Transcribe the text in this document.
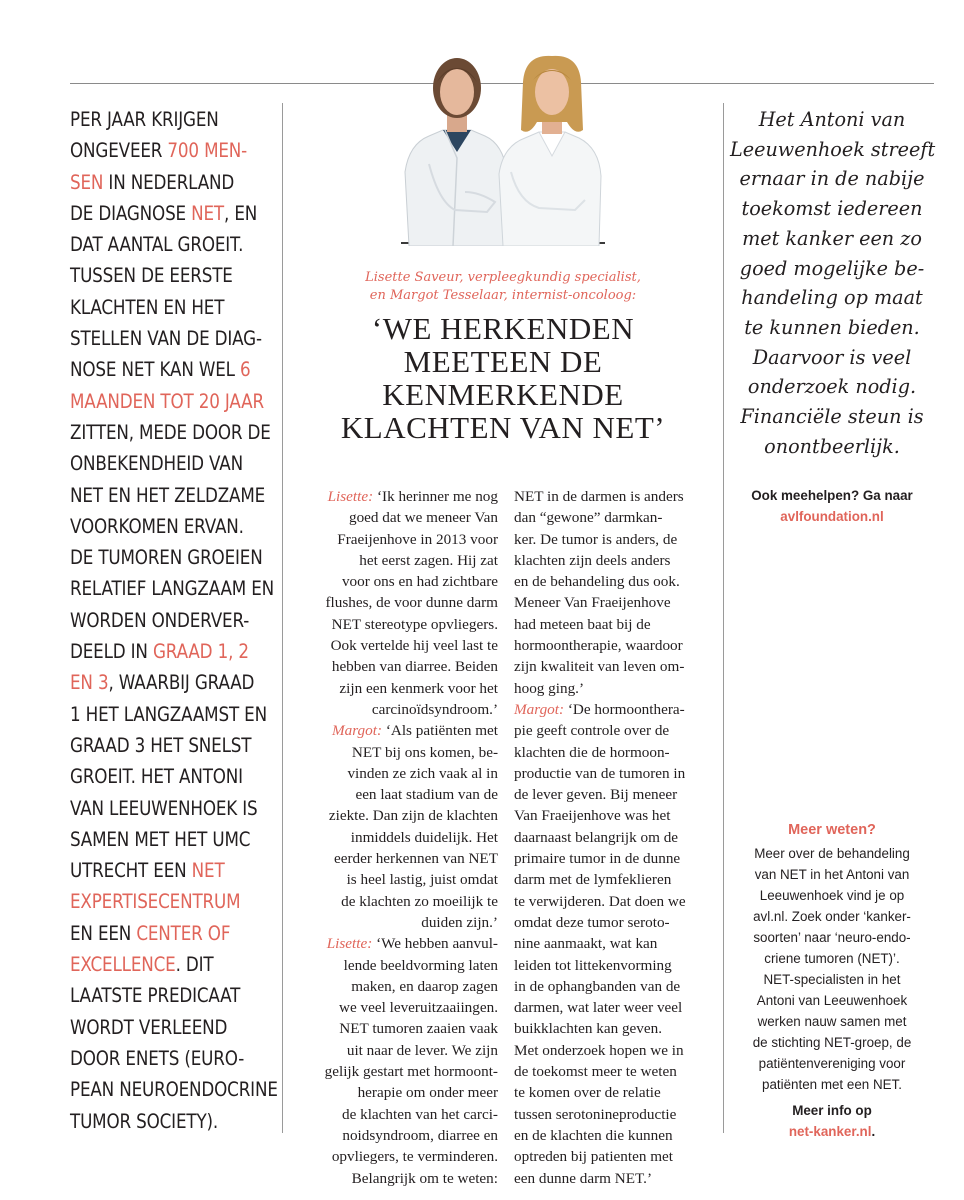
PER JAAR KRIJGEN
ONGEVEER 700 MEN-
SEN IN NEDERLAND
DE DIAGNOSE NET, EN
DAT AANTAL GROEIT.
TUSSEN DE EERSTE
KLACHTEN EN HET
STELLEN VAN DE DIAG-
NOSE NET KAN WEL 6
MAANDEN TOT 20 JAAR
ZITTEN, MEDE DOOR DE
ONBEKENDHEID VAN
NET EN HET ZELDZAME
VOORKOMEN ERVAN.
DE TUMOREN GROEIEN
RELATIEF LANGZAAM EN
WORDEN ONDERVER-
DEELD IN GRAAD 1, 2
EN 3, WAARBIJ GRAAD
1 HET LANGZAAMST EN
GRAAD 3 HET SNELST
GROEIT. HET ANTONI
VAN LEEUWENHOEK IS
SAMEN MET HET UMC
UTRECHT EEN NET
EXPERTISECENTRUM
EN EEN CENTER OF
EXCELLENCE. DIT
LAATSTE PREDICAAT
WORDT VERLEEND
DOOR ENETS (EURO-
PEAN NEUROENDOCRINE
TUMOR SOCIETY).
Lisette Saveur, verpleegkundig specialist,
en Margot Tesselaar, internist-oncoloog:
‘WE HERKENDEN
MEETEEN DE
KENMERKENDE
KLACHTEN VAN NET’
Lisette: ‘Ik herinner me nog
goed dat we meneer Van
Fraeijenhove in 2013 voor
het eerst zagen. Hij zat
voor ons en had zichtbare
flushes, de voor dunne darm
NET stereotype opvliegers.
Ook vertelde hij veel last te
hebben van diarree. Beiden
zijn een kenmerk voor het
carcinoïdsyndroom.’
Margot: ‘Als patiënten met
NET bij ons komen, be-
vinden ze zich vaak al in
een laat stadium van de
ziekte. Dan zijn de klachten
inmiddels duidelijk. Het
eerder herkennen van NET
is heel lastig, juist omdat
de klachten zo moeilijk te
duiden zijn.’
Lisette: ‘We hebben aanvul-
lende beeldvorming laten
maken, en daarop zagen
we veel leveruitzaaiingen.
NET tumoren zaaien vaak
uit naar de lever. We zijn
gelijk gestart met hormoont-
herapie om onder meer
de klachten van het carci-
noidsyndroom, diarree en
opvliegers, te verminderen.
Belangrijk om te weten:
NET in de darmen is anders
dan “gewone” darmkan-
ker. De tumor is anders, de
klachten zijn deels anders
en de behandeling dus ook.
Meneer Van Fraeijenhove
had meteen baat bij de
hormoontherapie, waardoor
zijn kwaliteit van leven om-
hoog ging.’
Margot: ‘De hormoonthera-
pie geeft controle over de
klachten die de hormoon-
productie van de tumoren in
de lever geven. Bij meneer
Van Fraeijenhove was het
daarnaast belangrijk om de
primaire tumor in de dunne
darm met de lymfeklieren
te verwijderen. Dat doen we
omdat deze tumor seroto-
nine aanmaakt, wat kan
leiden tot littekenvorming
in de ophangbanden van de
darmen, wat later weer veel
buikklachten kan geven.
Met onderzoek hopen we in
de toekomst meer te weten
te komen over de relatie
tussen serotonineproductie
en de klachten die kunnen
optreden bij patienten met
een dunne darm NET.’
Het Antoni van
Leeuwenhoek streeft
ernaar in de nabije
toekomst iedereen
met kanker een zo
goed mogelijke be-
handeling op maat
te kunnen bieden.
Daarvoor is veel
onderzoek nodig.
Financiële steun is
onontbeerlijk.
Ook meehelpen? Ga naar
avlfoundation.nl
Meer weten?
Meer over de behandeling
van NET in het Antoni van
Leeuwenhoek vind je op
avl.nl. Zoek onder ‘kanker-
soorten’ naar ‘neuro-endo-
criene tumoren (NET)’.
NET-specialisten in het
Antoni van Leeuwenhoek
werken nauw samen met
de stichting NET-groep, de
patiëntenvereniging voor
patiënten met een NET.
Meer info op
net-kanker.nl.
